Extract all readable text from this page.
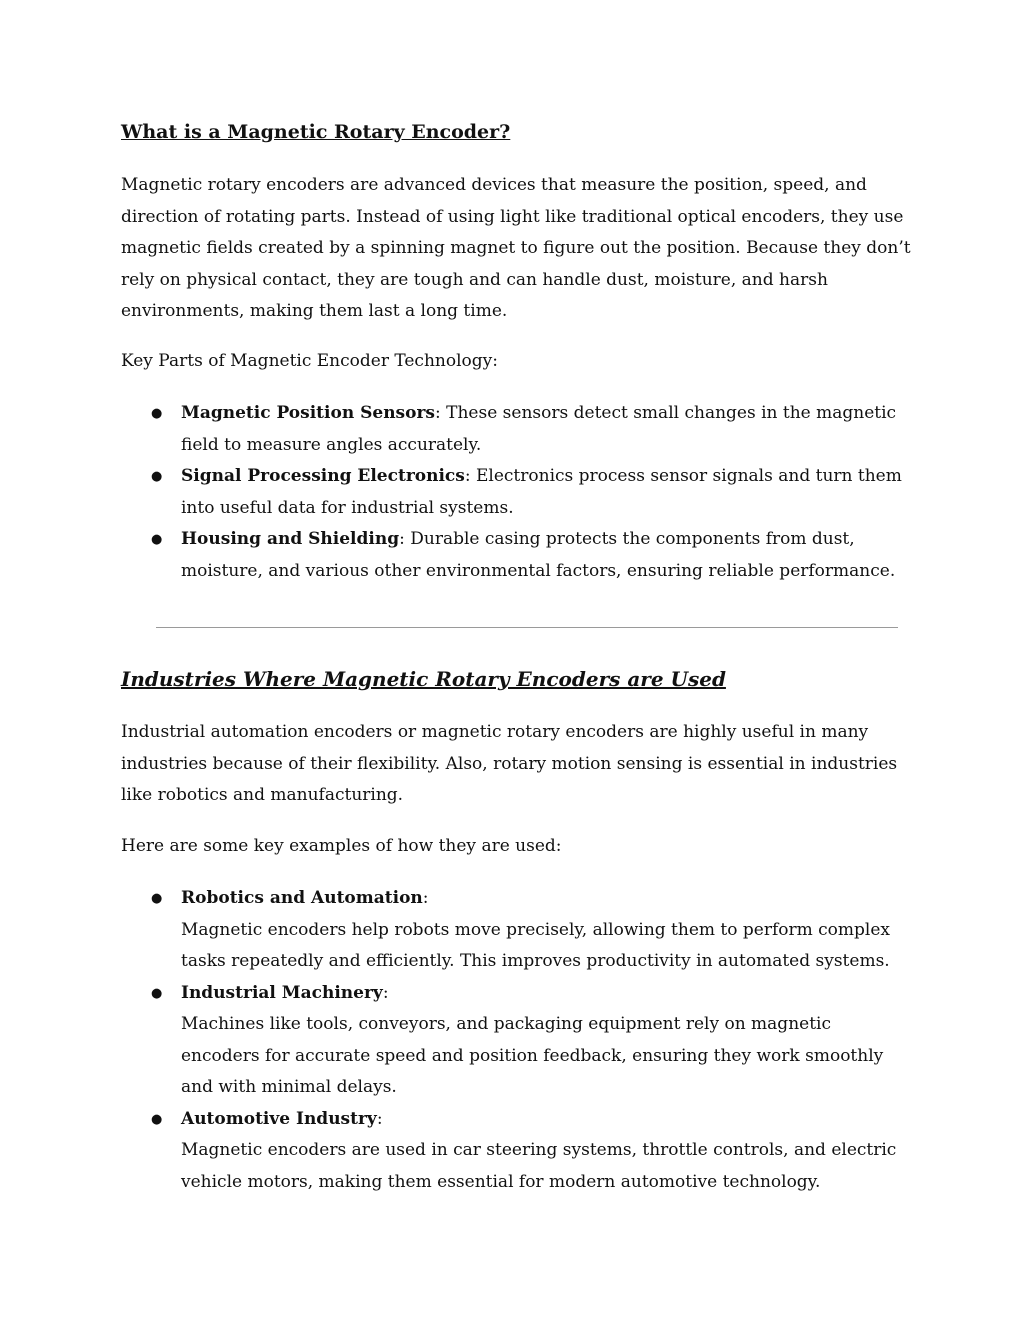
What is a Magnetic Rotary Encoder?

Magnetic rotary encoders are advanced devices that measure the position, speed, and direction of rotating parts. Instead of using light like traditional optical encoders, they use magnetic fields created by a spinning magnet to figure out the position. Because they don’t rely on physical contact, they are tough and can handle dust, moisture, and harsh environments, making them last a long time.

Key Parts of Magnetic Encoder Technology:

● Magnetic Position Sensors: These sensors detect small changes in the magnetic field to measure angles accurately.
● Signal Processing Electronics: Electronics process sensor signals and turn them into useful data for industrial systems.
● Housing and Shielding: Durable casing protects the components from dust, moisture, and various other environmental factors, ensuring reliable performance.
Industries Where Magnetic Rotary Encoders are Used

Industrial automation encoders or magnetic rotary encoders are highly useful in many industries because of their flexibility. Also, rotary motion sensing is essential in industries like robotics and manufacturing.

Here are some key examples of how they are used:

● Robotics and Automation:
Magnetic encoders help robots move precisely, allowing them to perform complex tasks repeatedly and efficiently. This improves productivity in automated systems.
● Industrial Machinery:
Machines like tools, conveyors, and packaging equipment rely on magnetic encoders for accurate speed and position feedback, ensuring they work smoothly and with minimal delays.
● Automotive Industry:
Magnetic encoders are used in car steering systems, throttle controls, and electric vehicle motors, making them essential for modern automotive technology.
